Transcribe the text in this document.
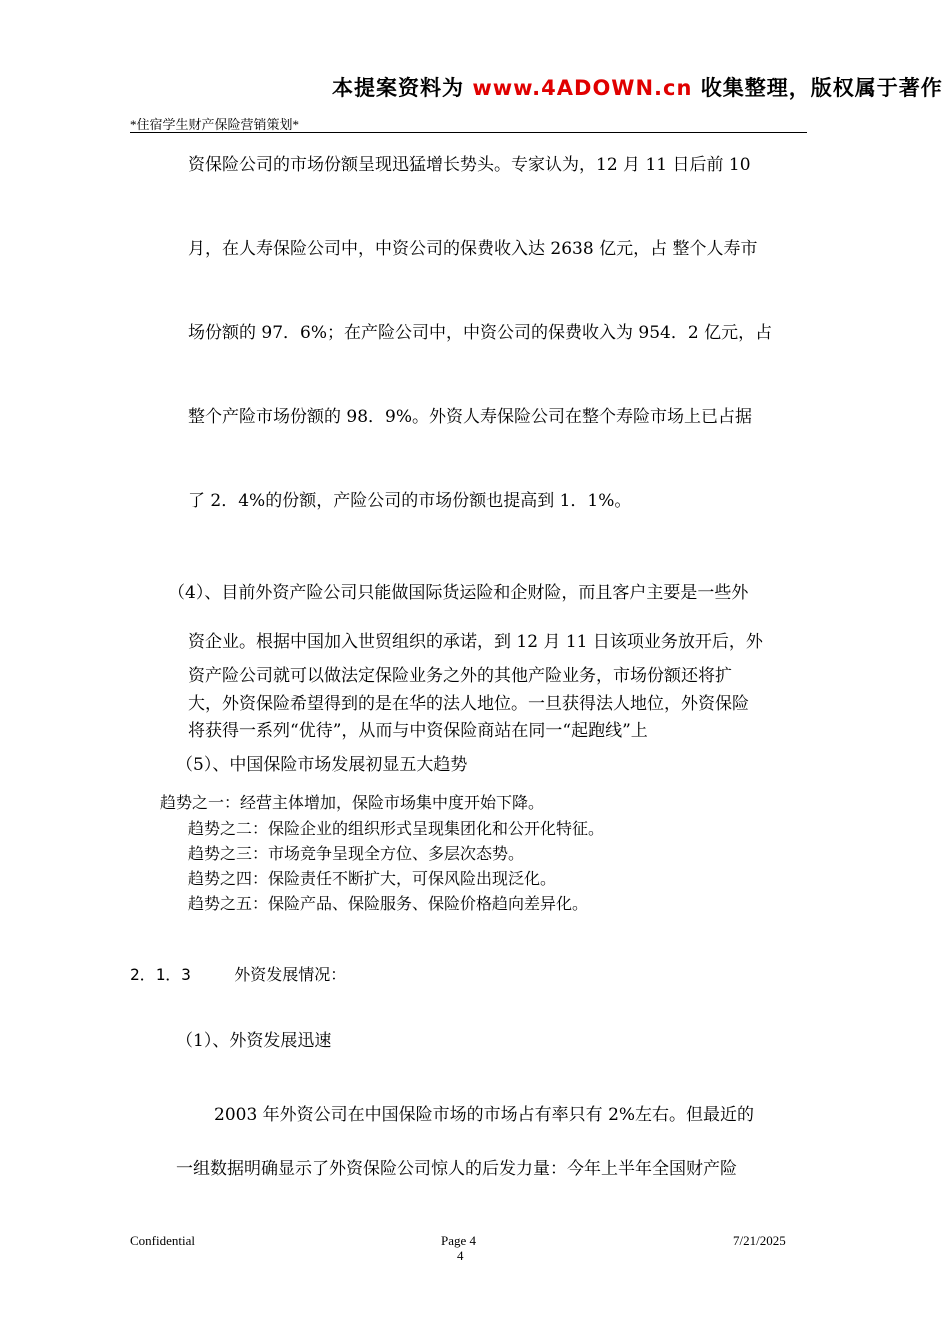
本提案资料为 www.4ADOWN.cn 收集整理，版权属于著作
*住宿学生财产保险营销策划*
资保险公司的市场份额呈现迅猛增长势头。专家认为，12 月 11 日后前 10
月，在人寿保险公司中，中资公司的保费收入达 2638 亿元，占 整个人寿市
场份额的 97．6%；在产险公司中，中资公司的保费收入为 954．2 亿元，占
整个产险市场份额的 98．9%。外资人寿保险公司在整个寿险市场上已占据
了 2．4%的份额，产险公司的市场份额也提高到 1．1%。
（4）、目前外资产险公司只能做国际货运险和企财险，而且客户主要是一些外
资企业。根据中国加入世贸组织的承诺，到 12 月 11 日该项业务放开后，外
资产险公司就可以做法定保险业务之外的其他产险业务，市场份额还将扩
大，外资保险希望得到的是在华的法人地位。一旦获得法人地位，外资保险
将获得一系列“优待”，从而与中资保险商站在同一“起跑线”上
（5）、中国保险市场发展初显五大趋势
趋势之一：经营主体增加，保险市场集中度开始下降。
趋势之二：保险企业的组织形式呈现集团化和公开化特征。
趋势之三：市场竞争呈现全方位、多层次态势。
趋势之四：保险责任不断扩大，可保风险出现泛化。
趋势之五：保险产品、保险服务、保险价格趋向差异化。
2．1．3	外资发展情况：
（1）、外资发展迅速
2003 年外资公司在中国保险市场的市场占有率只有 2%左右。但最近的
一组数据明确显示了外资保险公司惊人的后发力量：今年上半年全国财产险
Confidential	Page 4
4
7/21/2025
